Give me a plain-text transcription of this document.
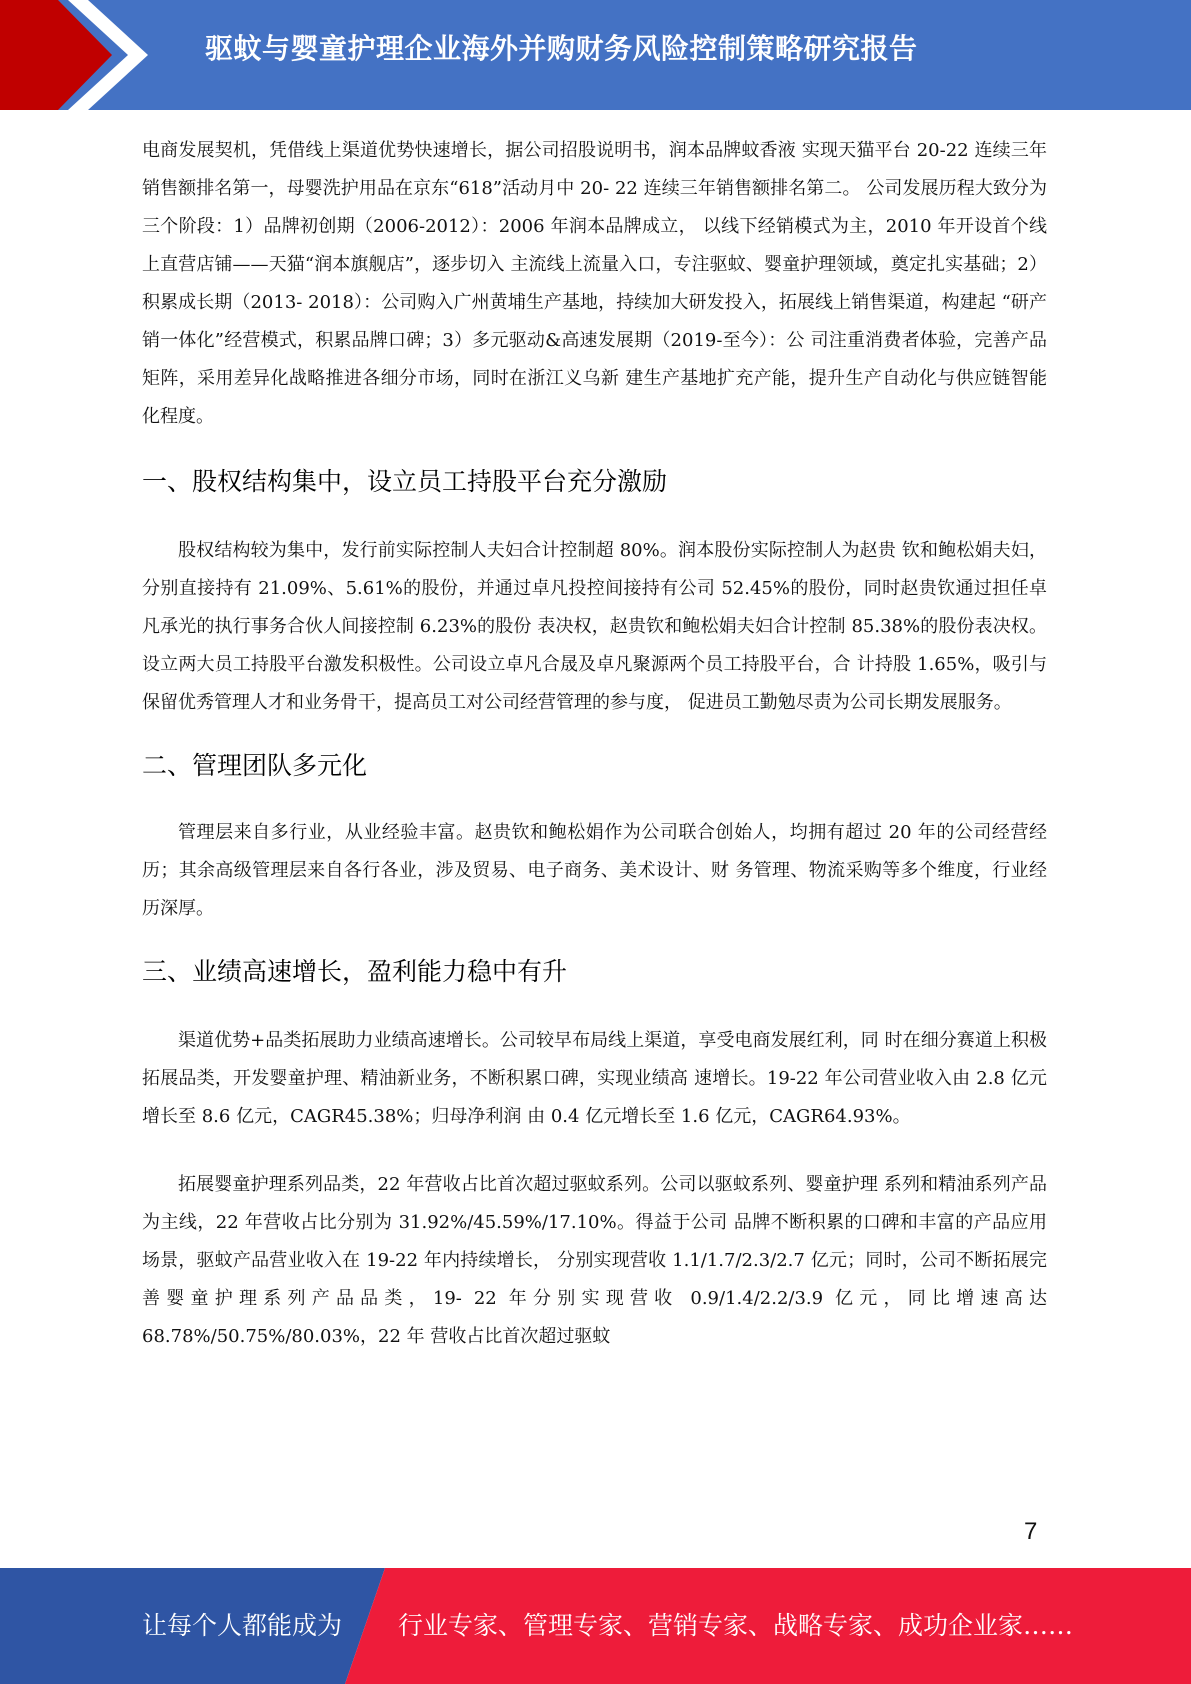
驱蚊与婴童护理企业海外并购财务风险控制策略研究报告

电商发展契机，凭借线上渠道优势快速增长，据公司招股说明书，润本品牌蚊香液 实现天猫平台 20-22 连续三年销售额排名第一，母婴洗护用品在京东“618”活动月中 20- 22 连续三年销售额排名第二。 公司发展历程大致分为三个阶段：1）品牌初创期（2006-2012）：2006 年润本品牌成立， 以线下经销模式为主，2010 年开设首个线上直营店铺——天猫“润本旗舰店”，逐步切入 主流线上流量入口，专注驱蚊、婴童护理领域，奠定扎实基础；2）积累成长期（2013- 2018）：公司购入广州黄埔生产基地，持续加大研发投入，拓展线上销售渠道，构建起 “研产销一体化”经营模式，积累品牌口碑；3）多元驱动&高速发展期（2019-至今）：公 司注重消费者体验，完善产品矩阵，采用差异化战略推进各细分市场，同时在浙江义乌新 建生产基地扩充产能，提升生产自动化与供应链智能化程度。

一、股权结构集中，设立员工持股平台充分激励

股权结构较为集中，发行前实际控制人夫妇合计控制超 80%。润本股份实际控制人为赵贵 钦和鲍松娟夫妇，分别直接持有 21.09%、5.61%的股份，并通过卓凡投控间接持有公司 52.45%的股份，同时赵贵钦通过担任卓凡承光的执行事务合伙人间接控制 6.23%的股份 表决权，赵贵钦和鲍松娟夫妇合计控制 85.38%的股份表决权。 设立两大员工持股平台激发积极性。公司设立卓凡合晟及卓凡聚源两个员工持股平台，合 计持股 1.65%，吸引与保留优秀管理人才和业务骨干，提高员工对公司经营管理的参与度， 促进员工勤勉尽责为公司长期发展服务。

二、管理团队多元化

管理层来自多行业，从业经验丰富。赵贵钦和鲍松娟作为公司联合创始人，均拥有超过 20 年的公司经营经历；其余高级管理层来自各行各业，涉及贸易、电子商务、美术设计、财 务管理、物流采购等多个维度，行业经历深厚。

三、业绩高速增长，盈利能力稳中有升

渠道优势+品类拓展助力业绩高速增长。公司较早布局线上渠道，享受电商发展红利，同 时在细分赛道上积极拓展品类，开发婴童护理、精油新业务，不断积累口碑，实现业绩高 速增长。19-22 年公司营业收入由 2.8 亿元增长至 8.6 亿元，CAGR45.38%；归母净利润 由 0.4 亿元增长至 1.6 亿元，CAGR64.93%。

拓展婴童护理系列品类，22 年营收占比首次超过驱蚊系列。公司以驱蚊系列、婴童护理 系列和精油系列产品为主线，22 年营收占比分别为 31.92%/45.59%/17.10%。得益于公司 品牌不断积累的口碑和丰富的产品应用场景，驱蚊产品营业收入在 19-22 年内持续增长， 分别实现营收 1.1/1.7/2.3/2.7 亿元；同时，公司不断拓展完善婴童护理系列产品品类，19- 22 年分别实现营收 0.9/1.4/2.2/3.9 亿元，同比增速高达 68.78%/50.75%/80.03%，22 年 营收占比首次超过驱蚊

7
让每个人都能成为 行业专家、管理专家、营销专家、战略专家、成功企业家……
